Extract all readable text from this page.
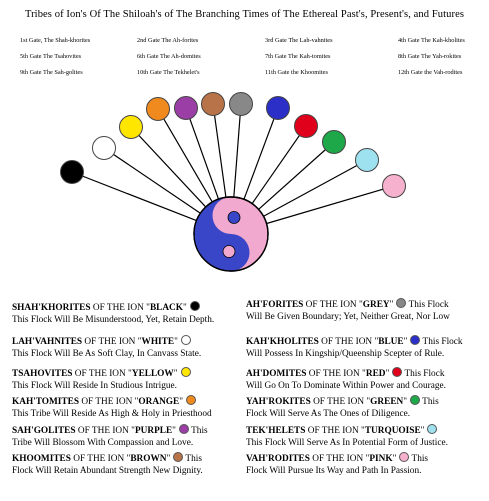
Tribes of Ion's Of The Shiloah's of The Branching Times of The Ethereal Past's, Present's, and Futures
1st Gate, The Shah-khorites	2nd Gate The Ah-forites	3rd Gate The Lah-vahnites	4th Gate The Kah-kholites
5th Gate The Tsahovites	6th Gate The Ah-domites	7th Gate The Kah-tomites	8th Gate The Yah-rokites
9th Gate The Sah-golites	10th Gate The Tekhelet's	11th Gate the Khoomites	12th Gate the Vah-rodites
SHAH'KHORITES OF THE ION "BLACK"
This Flock Will Be Misunderstood, Yet, Retain Depth.
LAH'VAHNITES OF THE ION "WHITE"
This Flock Will Be As Soft Clay, In Canvass State.
TSAHOVITES OF THE ION "YELLOW"
This Flock Will Reside In Studious Intrigue.
KAH'TOMITES OF THE ION "ORANGE"
This Tribe Will Reside As High & Holy in Priesthood
SAH'GOLITES OF THE ION "PURPLE" This
Tribe Will Blossom With Compassion and Love.
KHOOMITES OF THE ION "BROWN" This
Flock Will Retain Abundant Strength New Dignity.
AH'FORITES OF THE ION "GREY" This Flock
Will Be Given Boundary; Yet, Neither Great, Nor Low
KAH'KHOLITES OF THE ION "BLUE" This Flock
Will Possess In Kingship/Queenship Scepter of Rule.
AH'DOMITES OF THE ION "RED" This Flock
Will Go On To Dominate Within Power and Courage.
YAH'ROKITES OF THE ION "GREEN" This
Flock Will Serve As The Ones of Diligence.
TEK'HELETS OF THE ION "TURQUOISE"
This Flock Will Serve As In Potential Form of Justice.
VAH'RODITES OF THE ION "PINK" This
Flock Will Pursue Its Way and Path In Passion.
